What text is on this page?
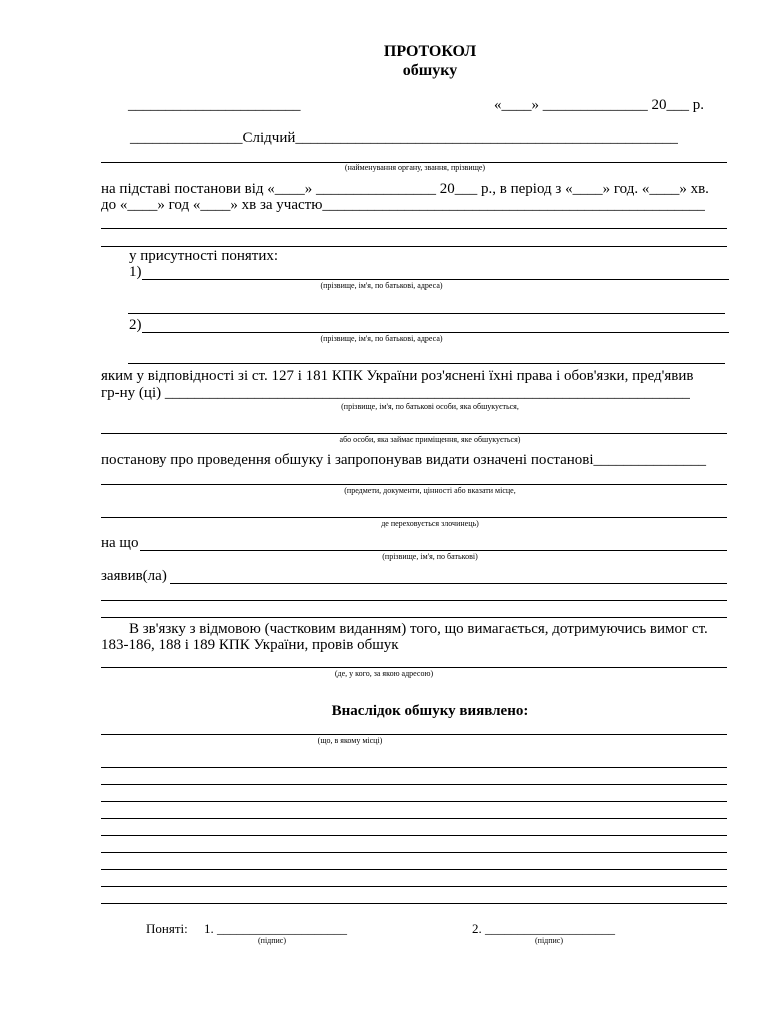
ПРОТОКОЛ
обшуку
_______________________	«____» ______________ 20___ р.
_______________Слідчий___________________________________________________
(найменування органу, звання, прізвище)
на підставі постанови від «____» ________________ 20___ р., в період з «____» год. «____» хв.
до «____» год «____» хв за участю___________________________________________________
у присутності понятих:
1)
(прізвище, ім'я, по батькові, адреса)
2)
(прізвище, ім'я, по батькові, адреса)
яким у відповідності зі ст. 127 і 181 КПК України роз'яснені їхні права і обов'язки, пред'явив
гр-ну (ці) ______________________________________________________________________
(прізвище, ім'я, по батькові особи, яка обшукується,
або особи, яка займає приміщення, яке обшукується)
постанову про проведення обшуку і запропонував видати означені постанові_______________
(предмети, документи, цінності або вказати місце,
де переховується злочинець)
на що
(прізвище, ім'я, по батькові)
заявив(ла)
В зв'язку з відмовою (частковим виданням) того, що вимагається, дотримуючись вимог ст.
183-186, 188 і 189 КПК України, провів обшук
(де, у кого, за якою адресою)
Внаслідок обшуку виявлено:
(що, в якому місці)
Поняті: 1. ____________________
(підпис)
2. ____________________
(підпис)
